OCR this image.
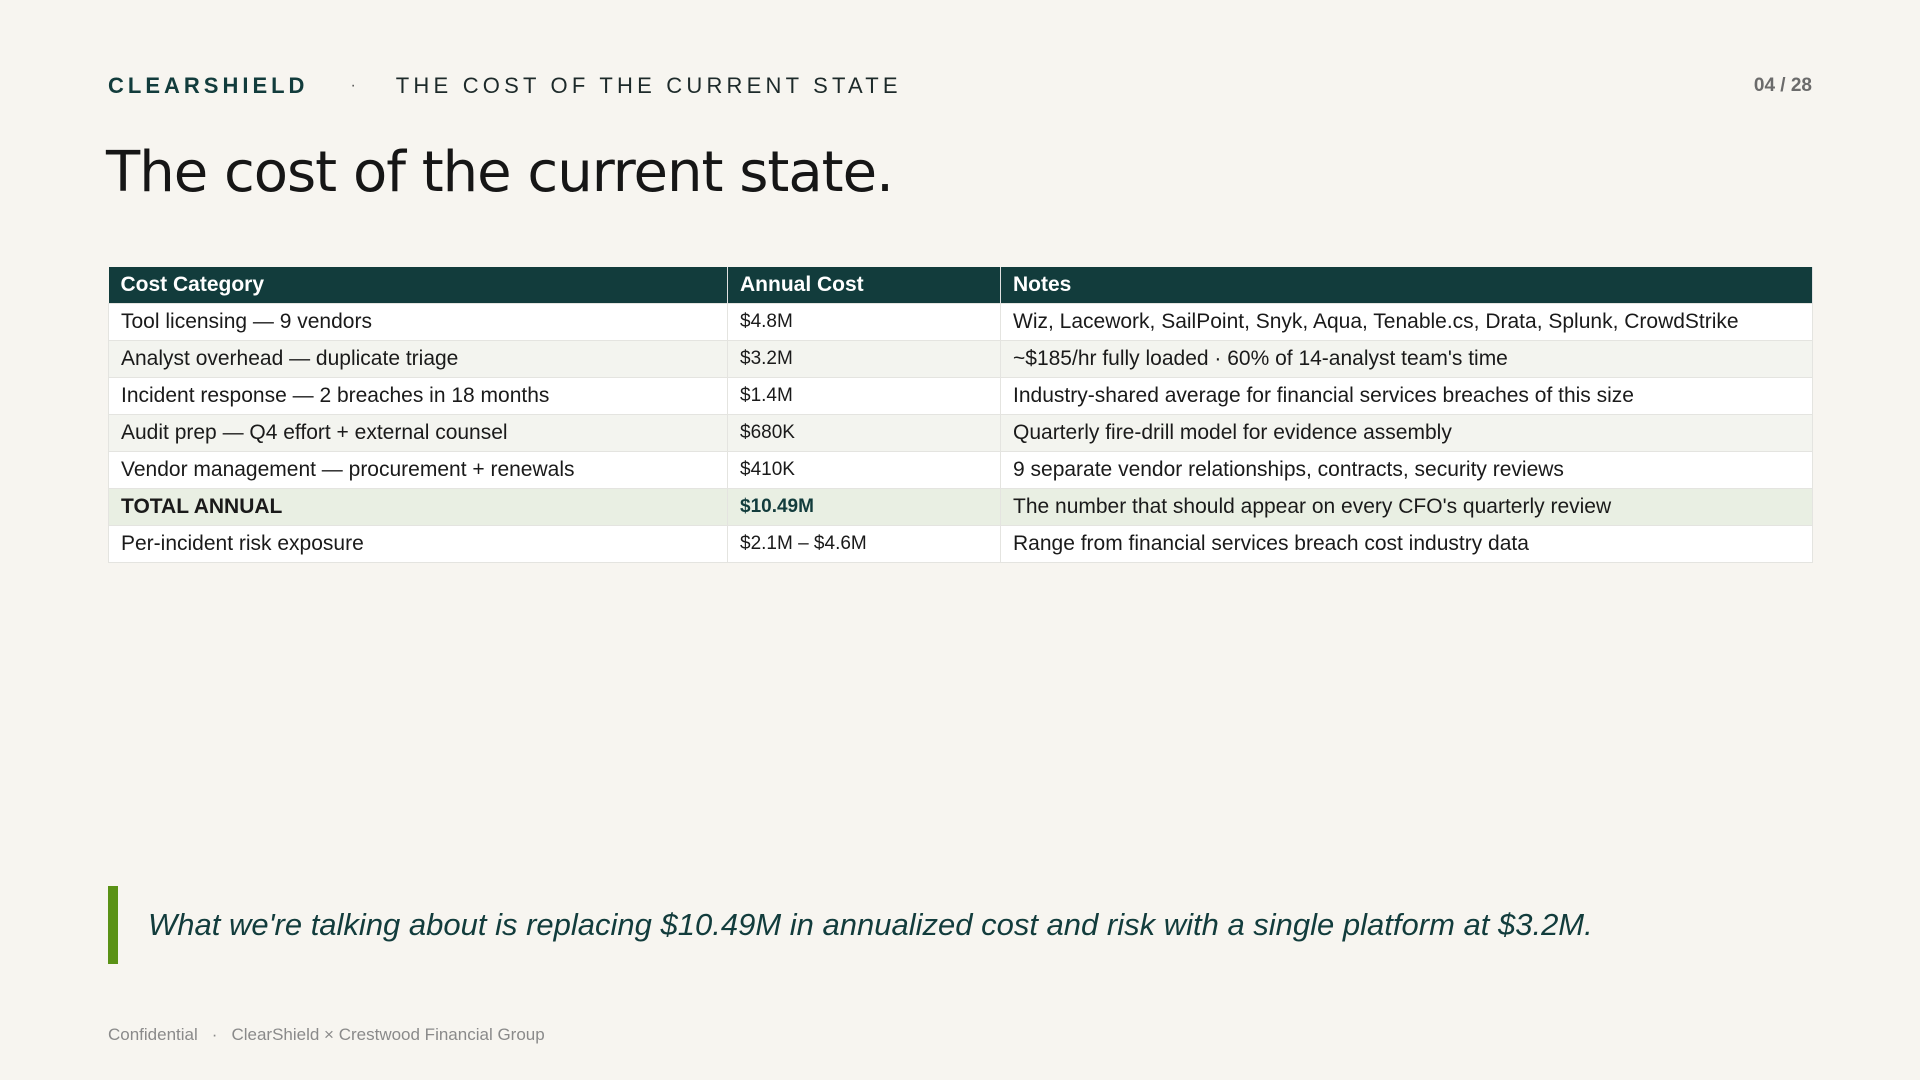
CLEARSHIELD	· THE COST OF THE CURRENT STATE	04 / 28
The cost of the current state.
Cost Category	Annual Cost	Notes
Tool licensing — 9 vendors	$4.8M	Wiz, Lacework, SailPoint, Snyk, Aqua, Tenable.cs, Drata, Splunk, CrowdStrike
Analyst overhead — duplicate triage	$3.2M	~$185/hr fully loaded · 60% of 14-analyst team's time
Incident response — 2 breaches in 18 months	$1.4M	Industry-shared average for financial services breaches of this size
Audit prep — Q4 effort + external counsel	$680K	Quarterly fire-drill model for evidence assembly
Vendor management — procurement + renewals	$410K	9 separate vendor relationships, contracts, security reviews
TOTAL ANNUAL	$10.49M	The number that should appear on every CFO's quarterly review
Per-incident risk exposure	$2.1M – $4.6M	Range from financial services breach cost industry data
What we're talking about is replacing $10.49M in annualized cost and risk with a single platform at $3.2M.
Confidential · ClearShield × Crestwood Financial Group
